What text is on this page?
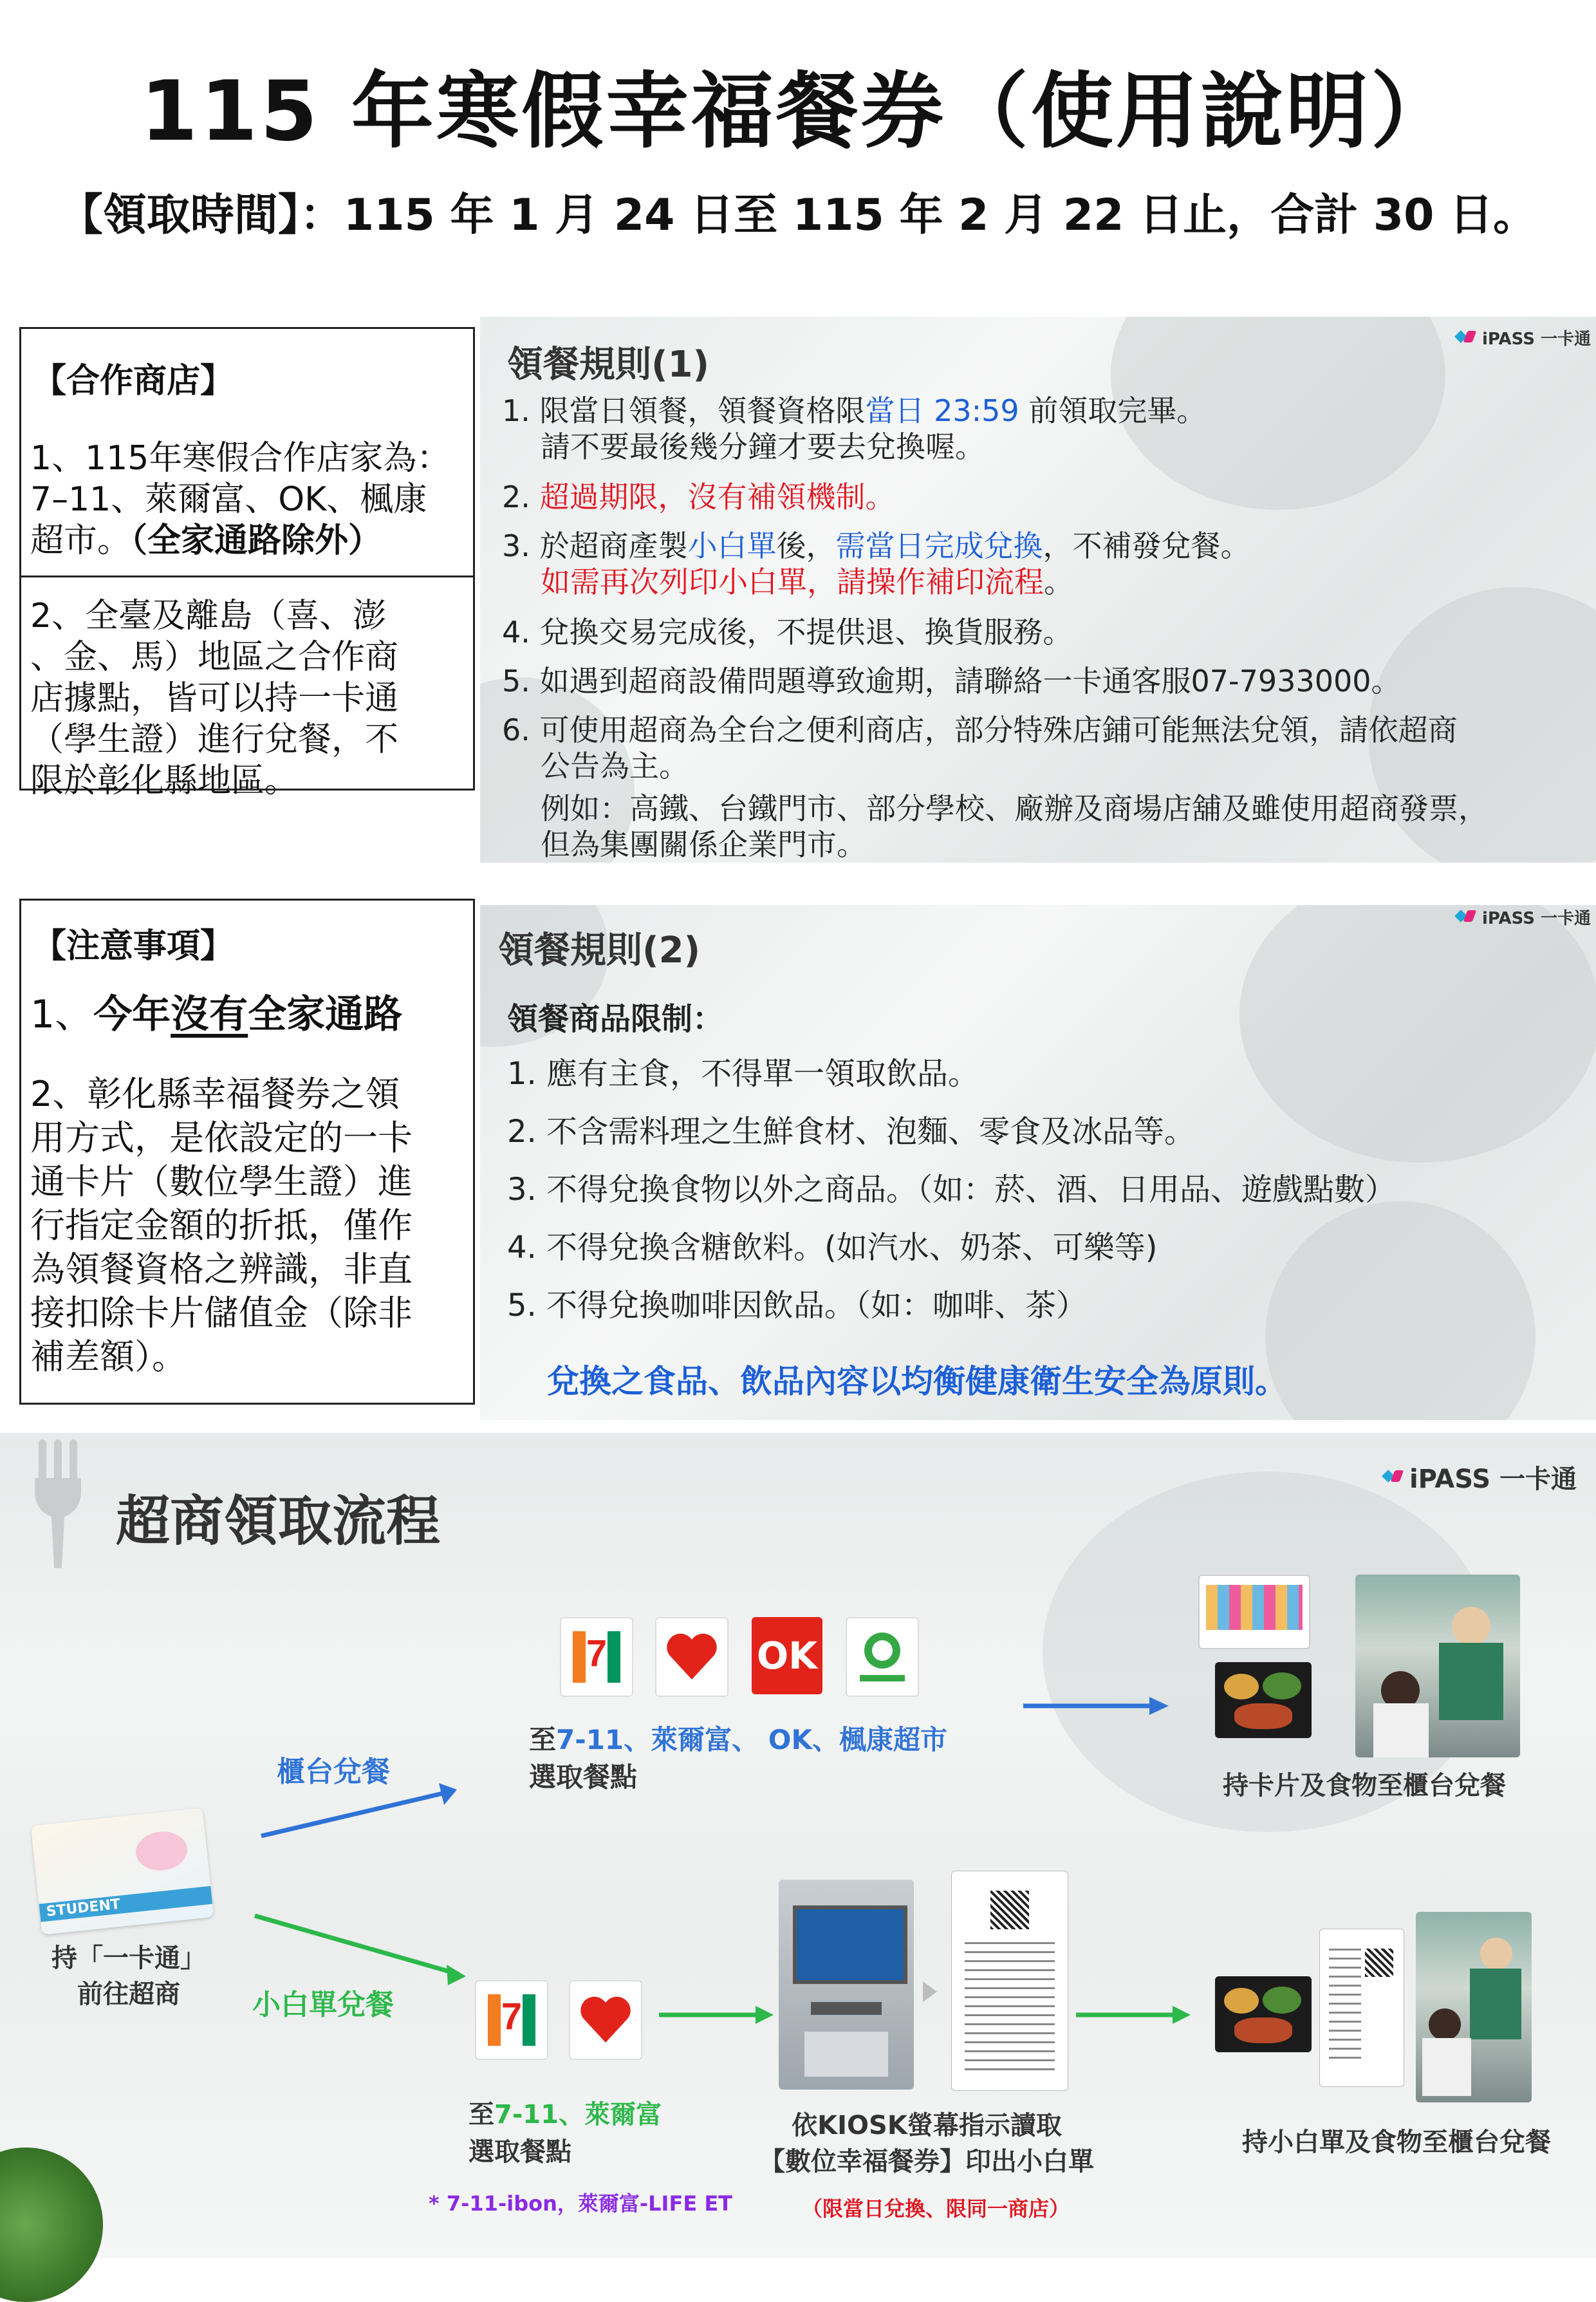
115 年寒假幸福餐券（使用說明）
【領取時間】：115 年 1 月 24 日至 115 年 2 月 22 日止，合計 30 日。
【合作商店】
1、115年寒假合作店家為：
7–11、萊爾富、OK、楓康
超市。（全家通路除外）
2、全臺及離島（喜、澎
、金、馬）地區之合作商
店據點，皆可以持一卡通
（學生證）進行兌餐，不
限於彰化縣地區。
【注意事項】
1、今年沒有全家通路
2、彰化縣幸福餐券之領
用方式，是依設定的一卡
通卡片（數位學生證）進
行指定金額的折抵，僅作
為領餐資格之辨識，非直
接扣除卡片儲值金（除非
補差額）。
領餐規則(1)
iPASS 一卡通
1. 限當日領餐，領餐資格限當日 23:59 前領取完畢。
請不要最後幾分鐘才要去兌換喔。
2. 超過期限，沒有補領機制。
3. 於超商產製小白單後，需當日完成兌換，不補發兌餐。
如需再次列印小白單，請操作補印流程。
4. 兌換交易完成後，不提供退、換貨服務。
5. 如遇到超商設備問題導致逾期，請聯絡一卡通客服07-7933000。
6. 可使用超商為全台之便利商店，部分特殊店鋪可能無法兌領，請依超商
公告為主。
例如：高鐵、台鐵門市、部分學校、廠辦及商場店舖及雖使用超商發票，
但為集團關係企業門市。
領餐規則(2)
iPASS 一卡通
領餐商品限制：
1. 應有主食，不得單一領取飲品。
2. 不含需料理之生鮮食材、泡麵、零食及冰品等。
3. 不得兌換食物以外之商品。（如：菸、酒、日用品、遊戲點數）
4. 不得兌換含糖飲料。(如汽水、奶茶、可樂等)
5. 不得兌換咖啡因飲品。（如：咖啡、茶）
兌換之食品、飲品內容以均衡健康衛生安全為原則。
超商領取流程
iPASS 一卡通
STUDENT
持「一卡通」
前往超商
櫃台兌餐
小白單兌餐
7	OK
至7-11、萊爾富、 OK、楓康超市
選取餐點	持卡片及食物至櫃台兌餐
7
至7-11、萊爾富
選取餐點
依KIOSK螢幕指示讀取
【數位幸福餐券】印出小白單
持小白單及食物至櫃台兌餐
* 7-11-ibon，萊爾富-LIFE ET	（限當日兌換、限同一商店）
